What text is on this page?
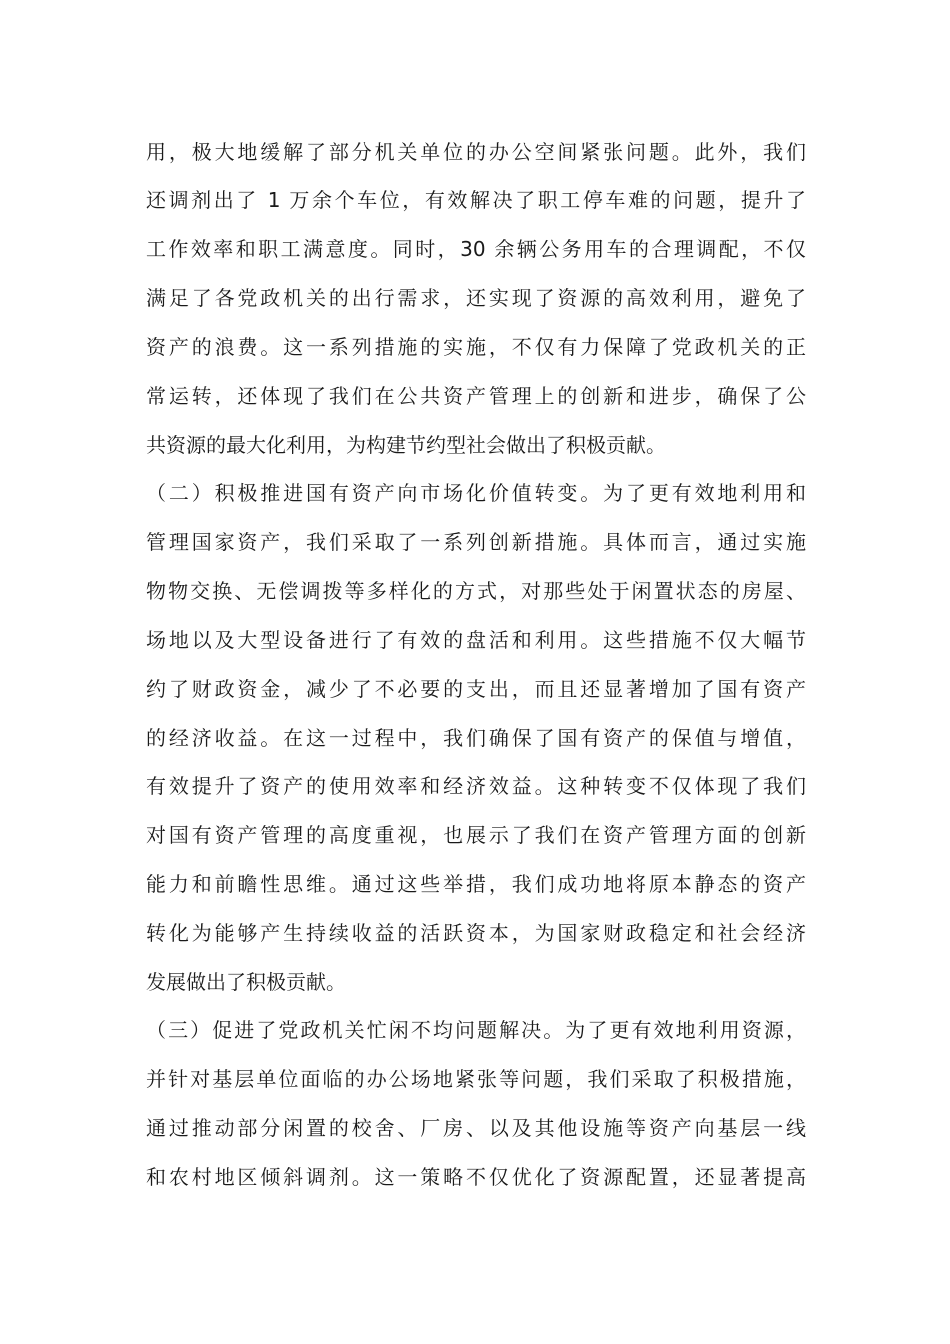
用，极大地缓解了部分机关单位的办公空间紧张问题。此外，我们
还调剂出了 1 万余个车位，有效解决了职工停车难的问题，提升了
工作效率和职工满意度。同时，30 余辆公务用车的合理调配，不仅
满足了各党政机关的出行需求，还实现了资源的高效利用，避免了
资产的浪费。这一系列措施的实施，不仅有力保障了党政机关的正
常运转，还体现了我们在公共资产管理上的创新和进步，确保了公
共资源的最大化利用，为构建节约型社会做出了积极贡献。
（二）积极推进国有资产向市场化价值转变。为了更有效地利用和
管理国家资产，我们采取了一系列创新措施。具体而言，通过实施
物物交换、无偿调拨等多样化的方式，对那些处于闲置状态的房屋、
场地以及大型设备进行了有效的盘活和利用。这些措施不仅大幅节
约了财政资金，减少了不必要的支出，而且还显著增加了国有资产
的经济收益。在这一过程中，我们确保了国有资产的保值与增值，
有效提升了资产的使用效率和经济效益。这种转变不仅体现了我们
对国有资产管理的高度重视，也展示了我们在资产管理方面的创新
能力和前瞻性思维。通过这些举措，我们成功地将原本静态的资产
转化为能够产生持续收益的活跃资本，为国家财政稳定和社会经济
发展做出了积极贡献。
（三）促进了党政机关忙闲不均问题解决。为了更有效地利用资源，
并针对基层单位面临的办公场地紧张等问题，我们采取了积极措施，
通过推动部分闲置的校舍、厂房、以及其他设施等资产向基层一线
和农村地区倾斜调剂。这一策略不仅优化了资源配置，还显著提高
